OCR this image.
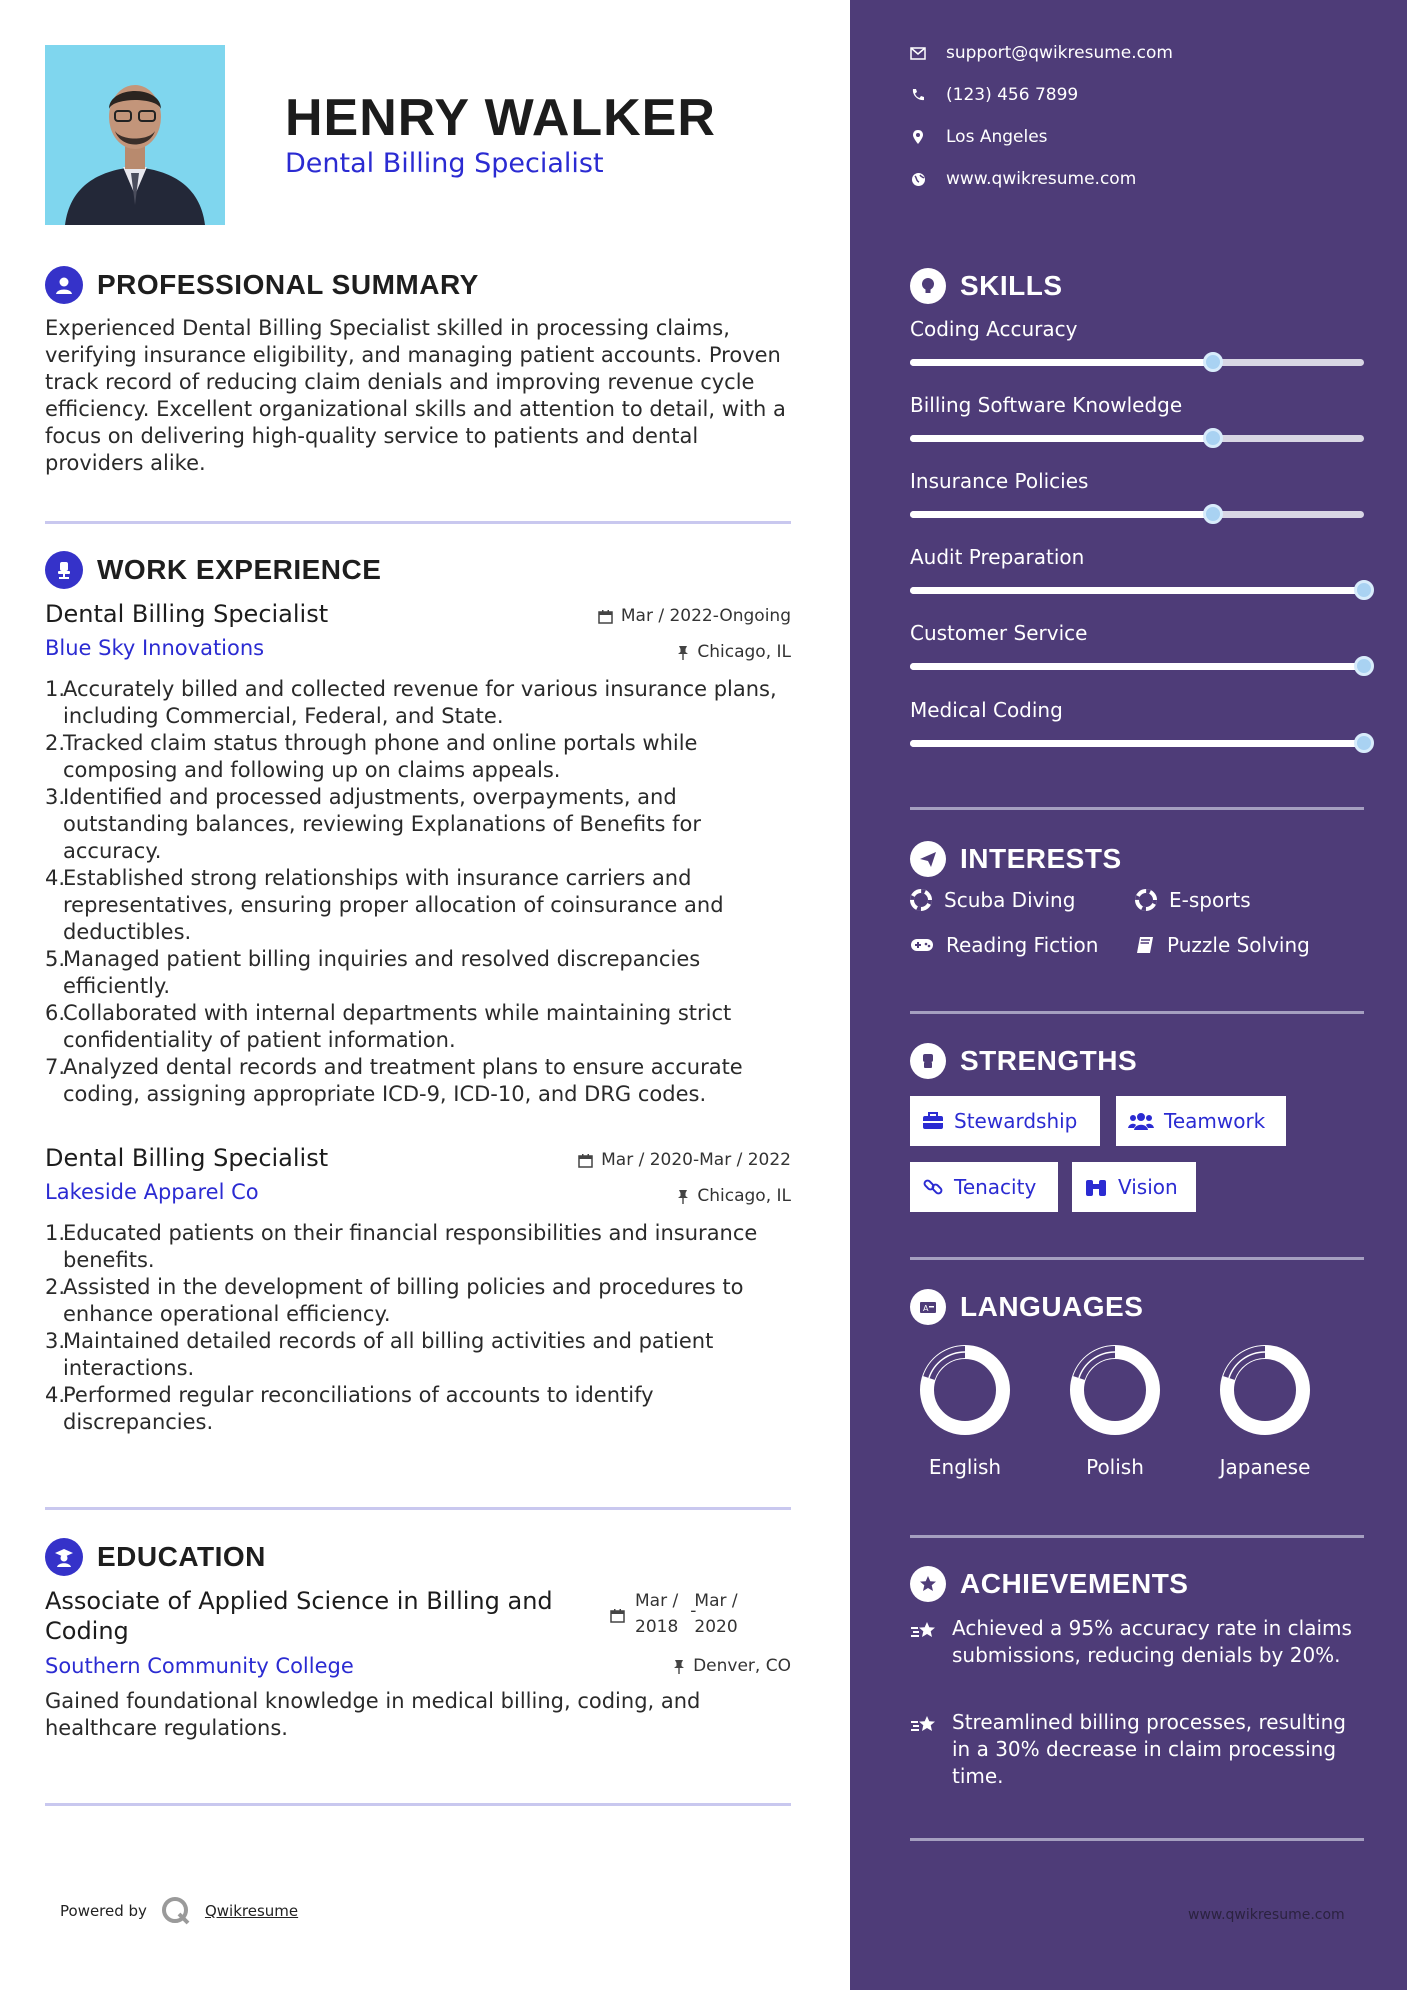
HENRY WALKER
Dental Billing Specialist
PROFESSIONAL SUMMARY
Experienced Dental Billing Specialist skilled in processing claims, verifying insurance eligibility, and managing patient accounts. Proven track record of reducing claim denials and improving revenue cycle efficiency. Excellent organizational skills and attention to detail, with a focus on delivering high-quality service to patients and dental providers alike.
WORK EXPERIENCE
Dental Billing Specialist
Blue Sky Innovations
Mar / 2022-Ongoing
Chicago, IL
Accurately billed and collected revenue for various insurance plans, including Commercial, Federal, and State.
Tracked claim status through phone and online portals while composing and following up on claims appeals.
Identified and processed adjustments, overpayments, and outstanding balances, reviewing Explanations of Benefits for accuracy.
Established strong relationships with insurance carriers and representatives, ensuring proper allocation of coinsurance and deductibles.
Managed patient billing inquiries and resolved discrepancies efficiently.
Collaborated with internal departments while maintaining strict confidentiality of patient information.
Analyzed dental records and treatment plans to ensure accurate coding, assigning appropriate ICD-9, ICD-10, and DRG codes.
Dental Billing Specialist
Lakeside Apparel Co
Mar / 2020-Mar / 2022
Chicago, IL
Educated patients on their financial responsibilities and insurance benefits.
Assisted in the development of billing policies and procedures to enhance operational efficiency.
Maintained detailed records of all billing activities and patient interactions.
Performed regular reconciliations of accounts to identify discrepancies.
EDUCATION
Associate of Applied Science in Billing and Coding
Southern Community College
Mar /
2018
-
Mar /
2020
Denver, CO
Gained foundational knowledge in medical billing, coding, and healthcare regulations.
Powered by	Qwikresume
support@qwikresume.com
(123) 456 7899
Los Angeles
www.qwikresume.com
SKILLS
Coding Accuracy
Billing Software Knowledge
Insurance Policies
Audit Preparation
Customer Service
Medical Coding
INTERESTS
Scuba Diving	E-sports
Reading Fiction	Puzzle Solving
STRENGTHS
Stewardship	Teamwork
Tenacity	Vision
A LANGUAGES
English	Polish	Japanese
ACHIEVEMENTS
Achieved a 95% accuracy rate in claims submissions, reducing denials by 20%.
Streamlined billing processes, resulting in a 30% decrease in claim processing time.
www.qwikresume.com
